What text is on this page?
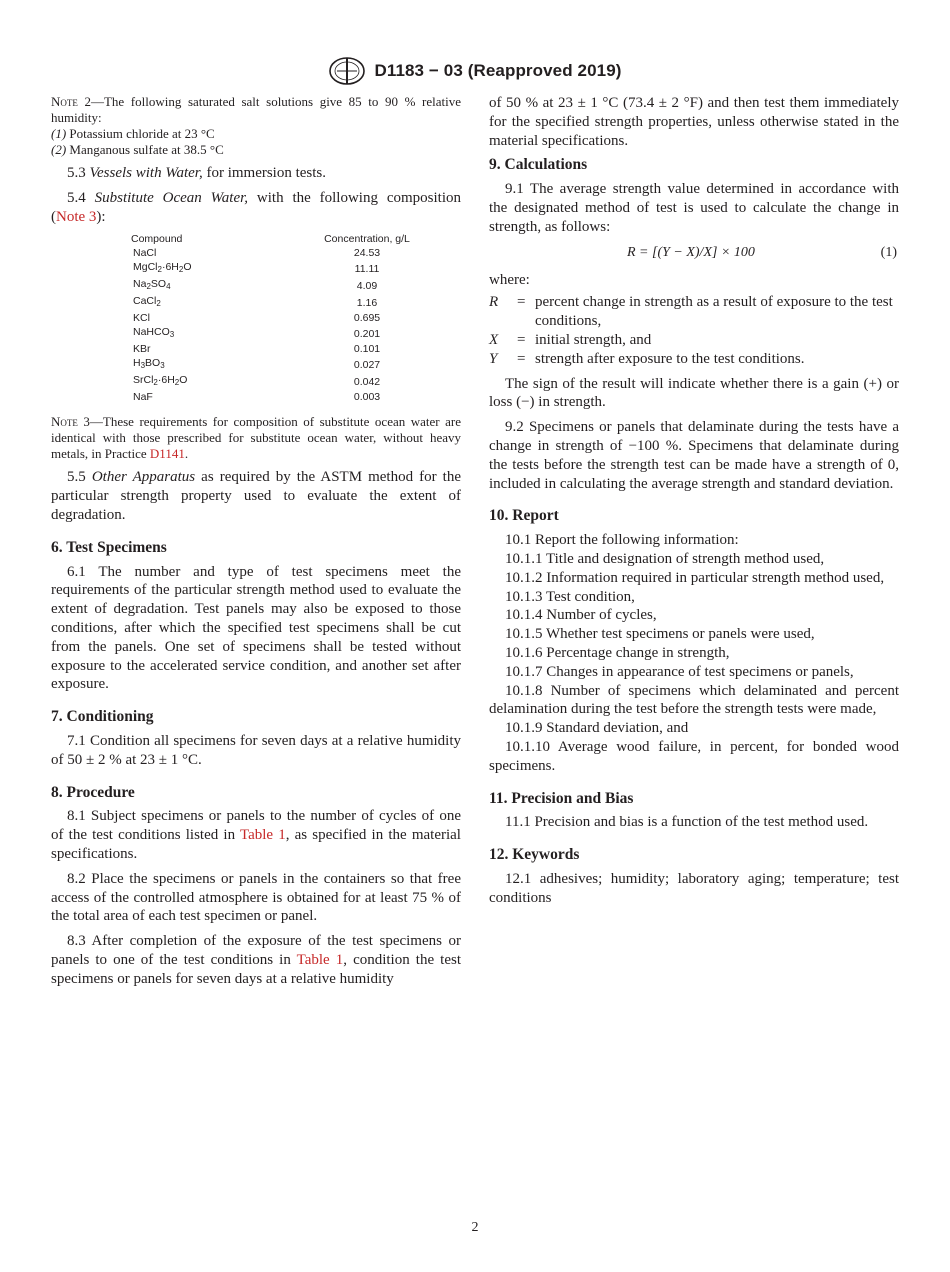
D1183 − 03 (Reapproved 2019)

Note 2—The following saturated salt solutions give 85 to 90 % relative humidity:

(1) Potassium chloride at 23 °C

(2) Manganous sulfate at 38.5 °C

5.3 Vessels with Water, for immersion tests.

5.4 Substitute Ocean Water, with the following composition (Note 3):

Compound	Concentration, g/L
NaCl	24.53
$MgCl_2\cdot 6H_2O$	11.11
$Na_2SO_4$	4.09
CaCl$_2$	1.16
KCl	0.695
NaHCO$_3$	0.201
KBr	0.101
$H_3BO_3$	0.027
$SrCl_2\cdot 6H_2O$	0.042
NaF	0.003

Note 3—These requirements for composition of substitute ocean water are identical with those prescribed for substitute ocean water, without heavy metals, in Practice D1141.

5.5 Other Apparatus as required by the ASTM method for the particular strength property used to evaluate the extent of degradation.

6. Test Specimens

6.1 The number and type of test specimens meet the requirements of the particular strength method used to evaluate the extent of degradation. Test panels may also be exposed to those conditions, after which the specified test specimens shall be cut from the panels. One set of specimens shall be tested without exposure to the accelerated service condition, and another set after exposure.

7. Conditioning

7.1 Condition all specimens for seven days at a relative humidity of 50 ± 2 % at 23 ± 1 °C.

8. Procedure

8.1 Subject specimens or panels to the number of cycles of one of the test conditions listed in Table 1, as specified in the material specifications.

8.2 Place the specimens or panels in the containers so that free access of the controlled atmosphere is obtained for at least 75 % of the total area of each test specimen or panel.

8.3 After completion of the exposure of the test specimens or panels to one of the test conditions in Table 1, condition the test specimens or panels for seven days at a relative humidity

of 50 % at 23 ± 1 °C (73.4 ± 2 °F) and then test them immediately for the specified strength properties, unless otherwise stated in the material specifications.

9. Calculations

9.1 The average strength value determined in accordance with the designated method of test is used to calculate the change in strength, as follows:

R = [(Y − X)/X] × 100	(1)

where:

R	= percent change in strength as a result of exposure to the test conditions,
X	= initial strength, and
Y	= strength after exposure to the test conditions.

The sign of the result will indicate whether there is a gain (+) or loss (−) in strength.

9.2 Specimens or panels that delaminate during the tests have a change in strength of −100 %. Specimens that delaminate during the tests before the strength test can be made have a strength of 0, included in calculating the average strength and standard deviation.

10. Report

10.1 Report the following information:

10.1.1 Title and designation of strength method used,

10.1.2 Information required in particular strength method used,

10.1.3 Test condition,

10.1.4 Number of cycles,

10.1.5 Whether test specimens or panels were used,

10.1.6 Percentage change in strength,

10.1.7 Changes in appearance of test specimens or panels,

10.1.8 Number of specimens which delaminated and percent delamination during the test before the strength tests were made,

10.1.9 Standard deviation, and

10.1.10 Average wood failure, in percent, for bonded wood specimens.

11. Precision and Bias

11.1 Precision and bias is a function of the test method used.

12. Keywords

12.1 adhesives; humidity; laboratory aging; temperature; test conditions

2
